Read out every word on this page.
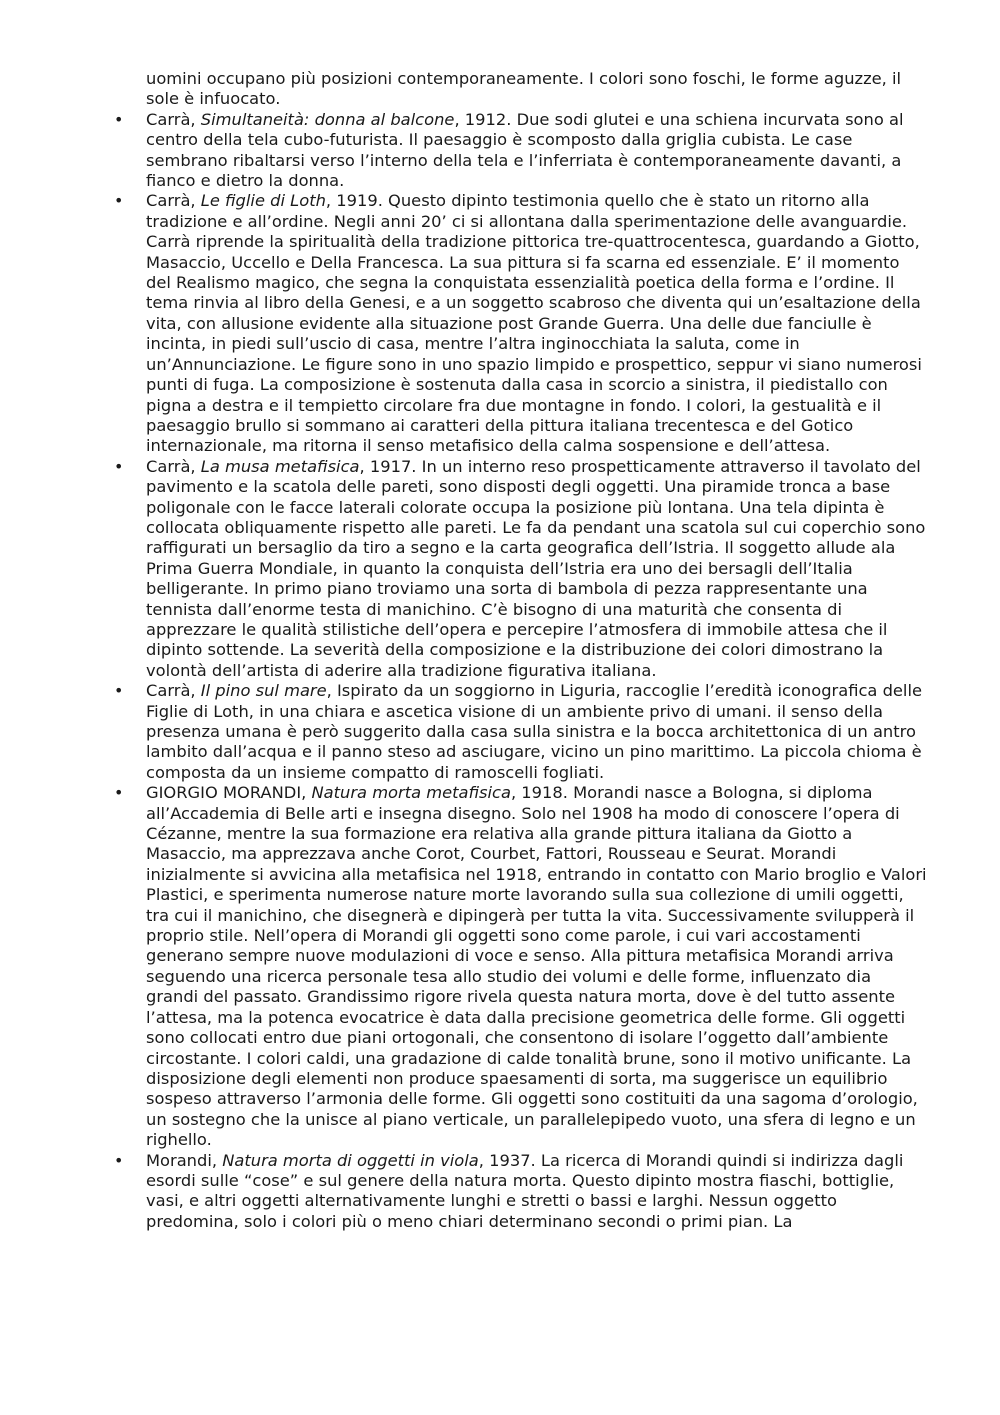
uomini occupano più posizioni contemporaneamente. I colori sono foschi, le forme aguzze, il sole è infuocato.

• Carrà, Simultaneità: donna al balcone, 1912. Due sodi glutei e una schiena incurvata sono al centro della tela cubo-futurista. Il paesaggio è scomposto dalla griglia cubista. Le case sembrano ribaltarsi verso l’interno della tela e l’inferriata è contemporaneamente davanti, a fianco e dietro la donna.
• Carrà, Le figlie di Loth, 1919. Questo dipinto testimonia quello che è stato un ritorno alla tradizione e all’ordine. Negli anni 20’ ci si allontana dalla sperimentazione delle avanguardie. Carrà riprende la spiritualità della tradizione pittorica tre-quattrocentesca, guardando a Giotto, Masaccio, Uccello e Della Francesca. La sua pittura si fa scarna ed essenziale. E’ il momento del Realismo magico, che segna la conquistata essenzialità poetica della forma e l’ordine. Il tema rinvia al libro della Genesi, e a un soggetto scabroso che diventa qui un’esaltazione della vita, con allusione evidente alla situazione post Grande Guerra. Una delle due fanciulle è incinta, in piedi sull’uscio di casa, mentre l’altra inginocchiata la saluta, come in un’Annunciazione. Le figure sono in uno spazio limpido e prospettico, seppur vi siano numerosi punti di fuga. La composizione è sostenuta dalla casa in scorcio a sinistra, il piedistallo con pigna a destra e il tempietto circolare fra due montagne in fondo. I colori, la gestualità e il paesaggio brullo si sommano ai caratteri della pittura italiana trecentesca e del Gotico internazionale, ma ritorna il senso metafisico della calma sospensione e dell’attesa.
• Carrà, La musa metafisica, 1917. In un interno reso prospetticamente attraverso il tavolato del pavimento e la scatola delle pareti, sono disposti degli oggetti. Una piramide tronca a base poligonale con le facce laterali colorate occupa la posizione più lontana. Una tela dipinta è collocata obliquamente rispetto alle pareti. Le fa da pendant una scatola sul cui coperchio sono raffigurati un bersaglio da tiro a segno e la carta geografica dell’Istria. Il soggetto allude ala Prima Guerra Mondiale, in quanto la conquista dell’Istria era uno dei bersagli dell’Italia belligerante. In primo piano troviamo una sorta di bambola di pezza rappresentante una tennista dall’enorme testa di manichino. C’è bisogno di una maturità che consenta di apprezzare le qualità stilistiche dell’opera e percepire l’atmosfera di immobile attesa che il dipinto sottende. La severità della composizione e la distribuzione dei colori dimostrano la volontà dell’artista di aderire alla tradizione figurativa italiana.
• Carrà, Il pino sul mare, Ispirato da un soggiorno in Liguria, raccoglie l’eredità iconografica delle Figlie di Loth, in una chiara e ascetica visione di un ambiente privo di umani. il senso della presenza umana è però suggerito dalla casa sulla sinistra e la bocca architettonica di un antro lambito dall’acqua e il panno steso ad asciugare, vicino un pino marittimo. La piccola chioma è composta da un insieme compatto di ramoscelli fogliati.
• GIORGIO MORANDI, Natura morta metafisica, 1918. Morandi nasce a Bologna, si diploma all’Accademia di Belle arti e insegna disegno. Solo nel 1908 ha modo di conoscere l’opera di Cézanne, mentre la sua formazione era relativa alla grande pittura italiana da Giotto a Masaccio, ma apprezzava anche Corot, Courbet, Fattori, Rousseau e Seurat. Morandi inizialmente si avvicina alla metafisica nel 1918, entrando in contatto con Mario broglio e Valori Plastici, e sperimenta numerose nature morte lavorando sulla sua collezione di umili oggetti, tra cui il manichino, che disegnerà e dipingerà per tutta la vita. Successivamente svilupperà il proprio stile. Nell’opera di Morandi gli oggetti sono come parole, i cui vari accostamenti generano sempre nuove modulazioni di voce e senso. Alla pittura metafisica Morandi arriva seguendo una ricerca personale tesa allo studio dei volumi e delle forme, influenzato dia grandi del passato. Grandissimo rigore rivela questa natura morta, dove è del tutto assente l’attesa, ma la potenca evocatrice è data dalla precisione geometrica delle forme. Gli oggetti sono collocati entro due piani ortogonali, che consentono di isolare l’oggetto dall’ambiente circostante. I colori caldi, una gradazione di calde tonalità brune, sono il motivo unificante. La disposizione degli elementi non produce spaesamenti di sorta, ma suggerisce un equilibrio sospeso attraverso l’armonia delle forme. Gli oggetti sono costituiti da una sagoma d’orologio, un sostegno che la unisce al piano verticale, un parallelepipedo vuoto, una sfera di legno e un righello.
• Morandi, Natura morta di oggetti in viola, 1937. La ricerca di Morandi quindi si indirizza dagli esordi sulle “cose” e sul genere della natura morta. Questo dipinto mostra fiaschi, bottiglie, vasi, e altri oggetti alternativamente lunghi e stretti o bassi e larghi. Nessun oggetto predomina, solo i colori più o meno chiari determinano secondi o primi pian. La
